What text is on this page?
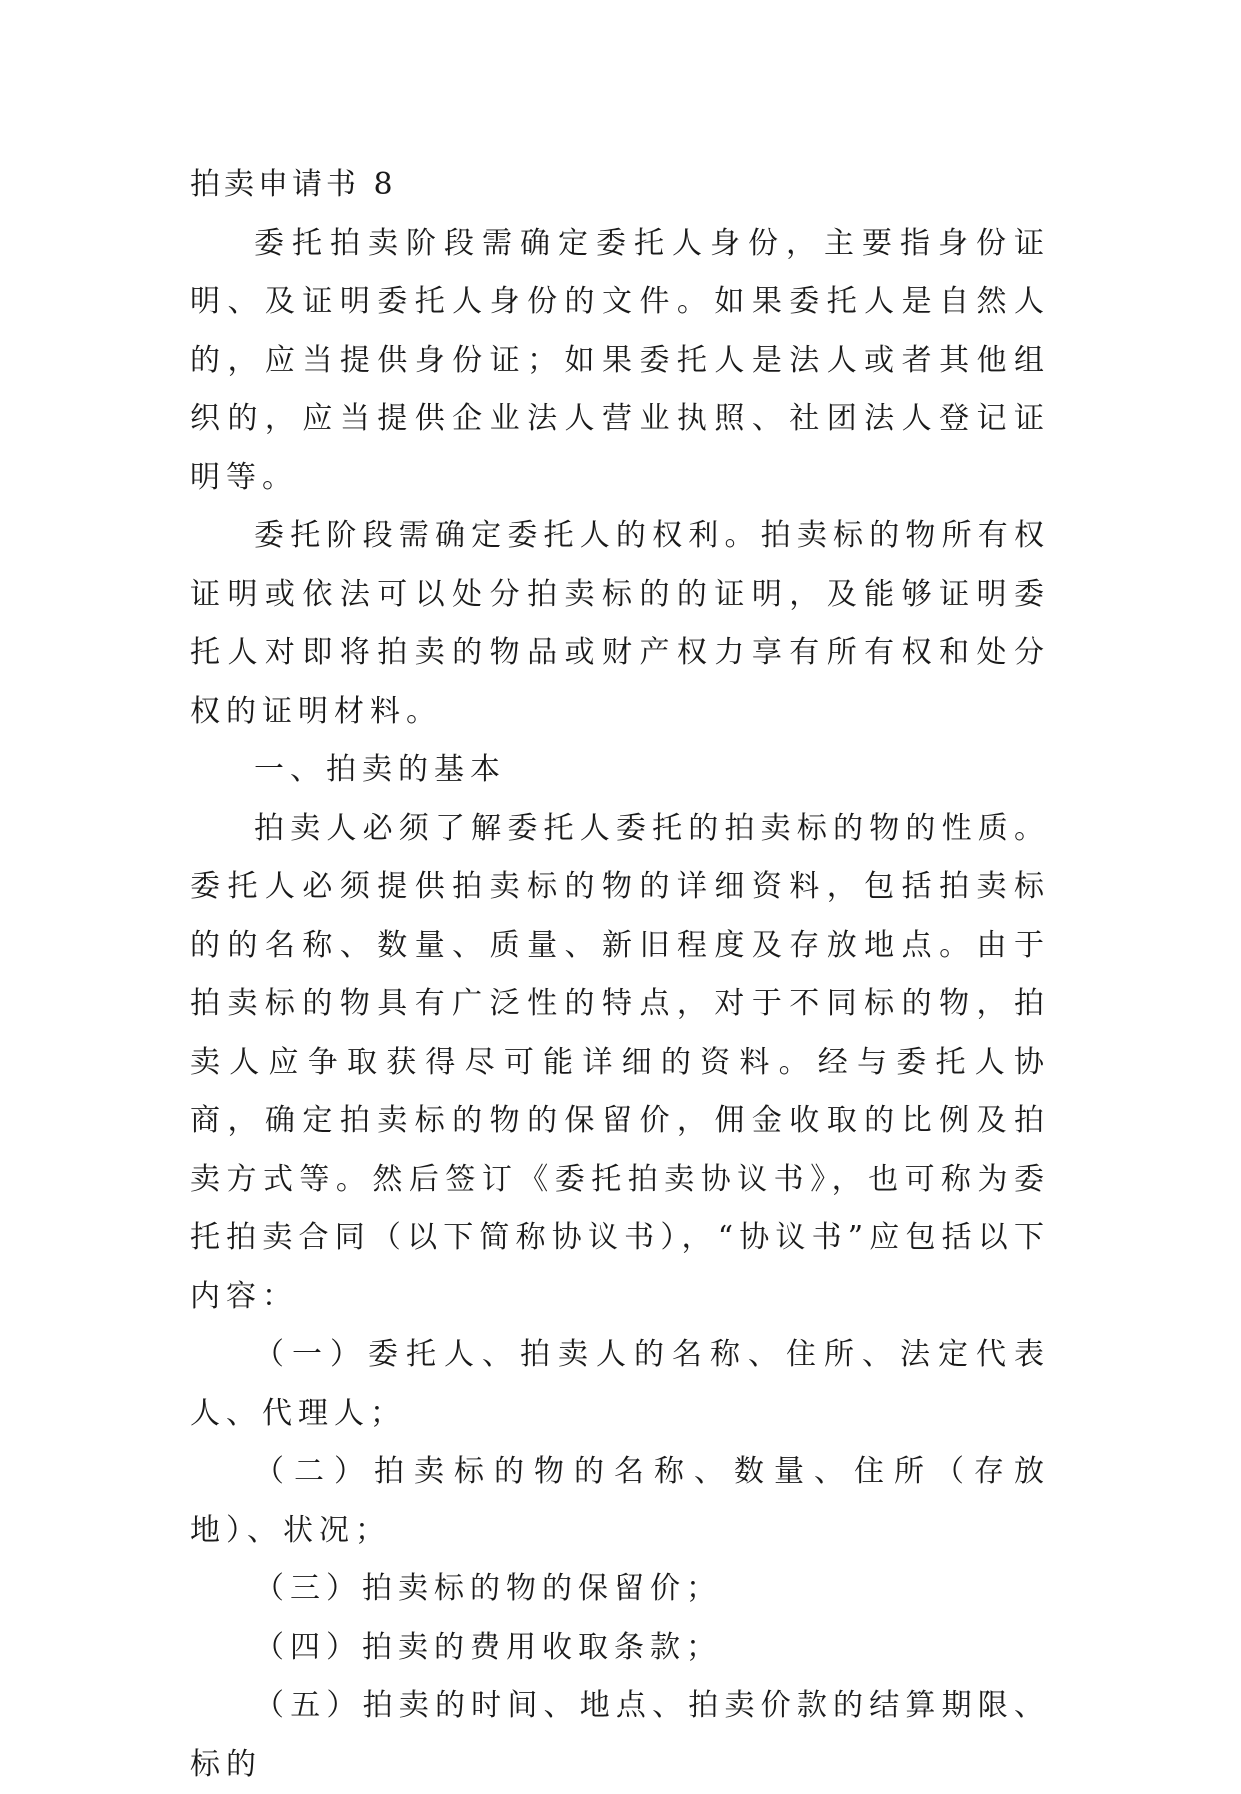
拍卖申请书 8

委托拍卖阶段需确定委托人身份，主要指身份证明、及证明委托人身份的文件。如果委托人是自然人的，应当提供身份证；如果委托人是法人或者其他组织的，应当提供企业法人营业执照、社团法人登记证明等。

委托阶段需确定委托人的权利。拍卖标的物所有权证明或依法可以处分拍卖标的的证明，及能够证明委托人对即将拍卖的物品或财产权力享有所有权和处分权的证明材料。

一、拍卖的基本

拍卖人必须了解委托人委托的拍卖标的物的性质。委托人必须提供拍卖标的物的详细资料，包括拍卖标的的名称、数量、质量、新旧程度及存放地点。由于拍卖标的物具有广泛性的特点，对于不同标的物，拍卖人应争取获得尽可能详细的资料。经与委托人协商，确定拍卖标的物的保留价，佣金收取的比例及拍卖方式等。然后签订《委托拍卖协议书》，也可称为委托拍卖合同（以下简称协议书），“协议书”应包括以下内容：

（一）委托人、拍卖人的名称、住所、法定代表人、代理人；

（二）拍卖标的物的名称、数量、住所（存放地）、状况；

（三）拍卖标的物的保留价；

（四）拍卖的费用收取条款；

（五）拍卖的时间、地点、拍卖价款的结算期限、标的
